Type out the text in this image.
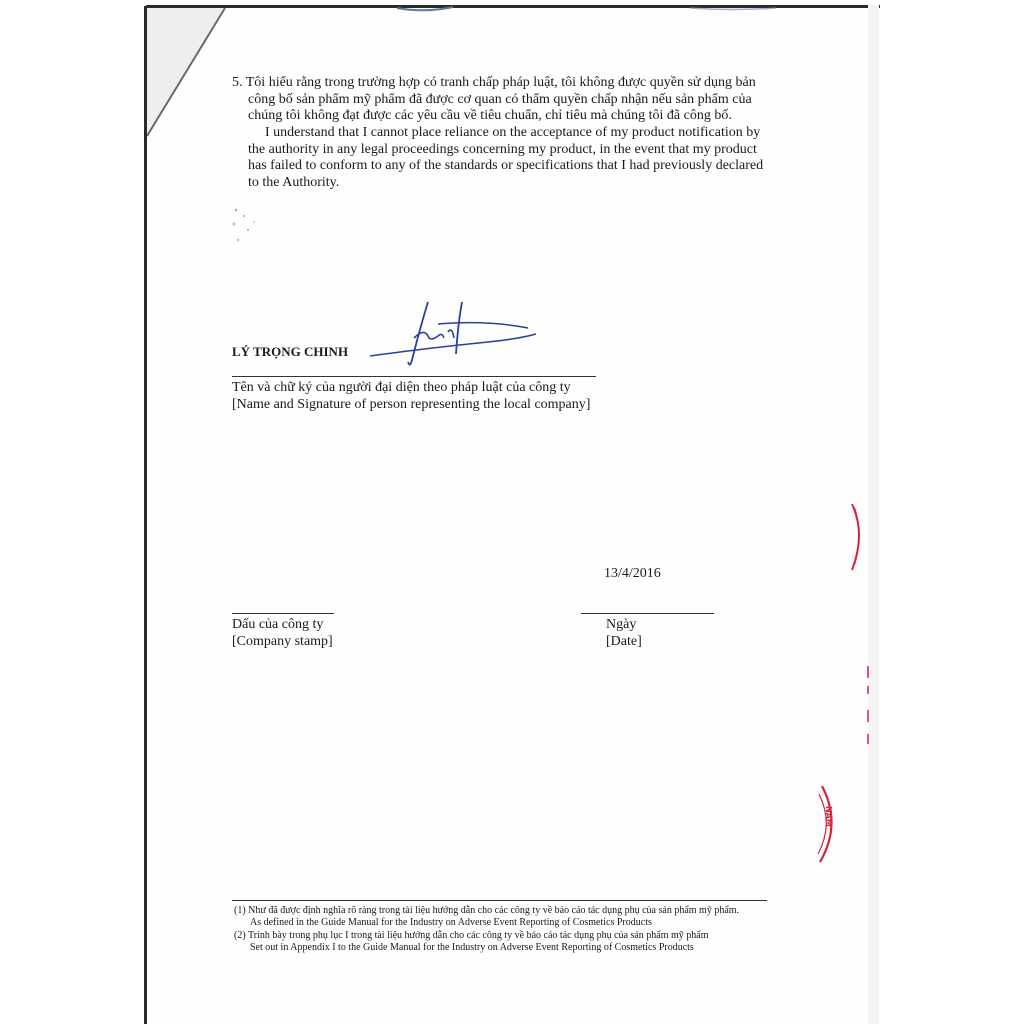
5. Tôi hiểu rằng trong trường hợp có tranh chấp pháp luật, tôi không được quyền sử dụng bản
công bố sản phẩm mỹ phẩm đã được cơ quan có thẩm quyền chấp nhận nếu sản phẩm của
chúng tôi không đạt được các yêu cầu về tiêu chuẩn, chỉ tiêu mà chúng tôi đã công bố.
I understand that I cannot place reliance on the acceptance of my product notification by
the authority in any legal proceedings concerning my product, in the event that my product
has failed to conform to any of the standards or specifications that I had previously declared
to the Authority.
LÝ TRỌNG CHINH
Tên và chữ ký của người đại diện theo pháp luật của công ty
[Name and Signature of person representing the local company]
13/4/2016
Dấu của công ty
[Company stamp]
Ngày
[Date]
NAM
(1) Như đã được định nghĩa rõ ràng trong tài liệu hướng dẫn cho các công ty về báo cáo tác dụng phụ của sản phẩm mỹ phẩm.
As defined in the Guide Manual for the Industry on Adverse Event Reporting of Cosmetics Products
(2) Trình bày trong phụ lục I trong tài liệu hướng dẫn cho các công ty về báo cáo tác dụng phụ của sản phẩm mỹ phẩm
Set out in Appendix I to the Guide Manual for the Industry on Adverse Event Reporting of Cosmetics Products
